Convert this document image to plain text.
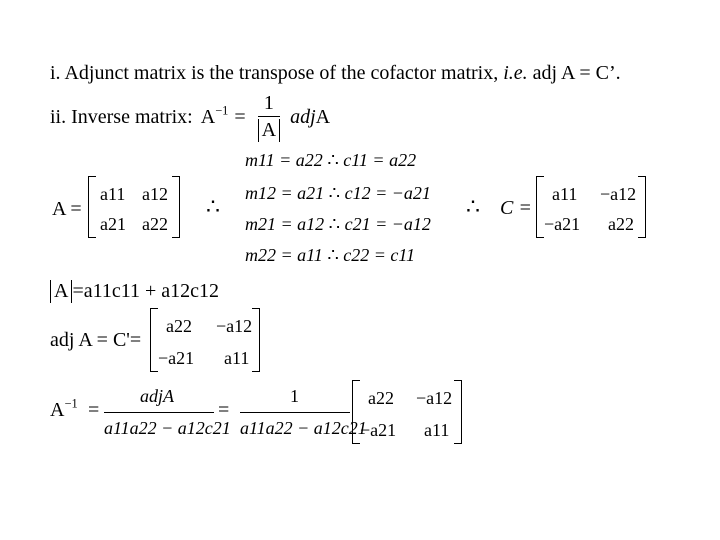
i. Adjunct matrix is the transpose of the cofactor matrix, i.e. adj A = C’.
ii. Inverse matrix: $A^{-1} = \frac{1}{A}$ adj A
m11 = a22 ∴ c11 = a22
m12 = a21 ∴ c12 = −a21
m21 = a12 ∴ c21 = −a12
m22 = a11 ∴ c22 = c11
A =
a11 a12
a21 a22
∴	∴ C =
a11 −a12
−a21 a22
A =a11c11 + a12c12
adj A = C'=
a22 −a12
−a21 a11
$A^{-1}$ =
adjA
a11a22 − a12c21
=
1
a11a22 − a12c21
a22 −a12
−a21 a11
